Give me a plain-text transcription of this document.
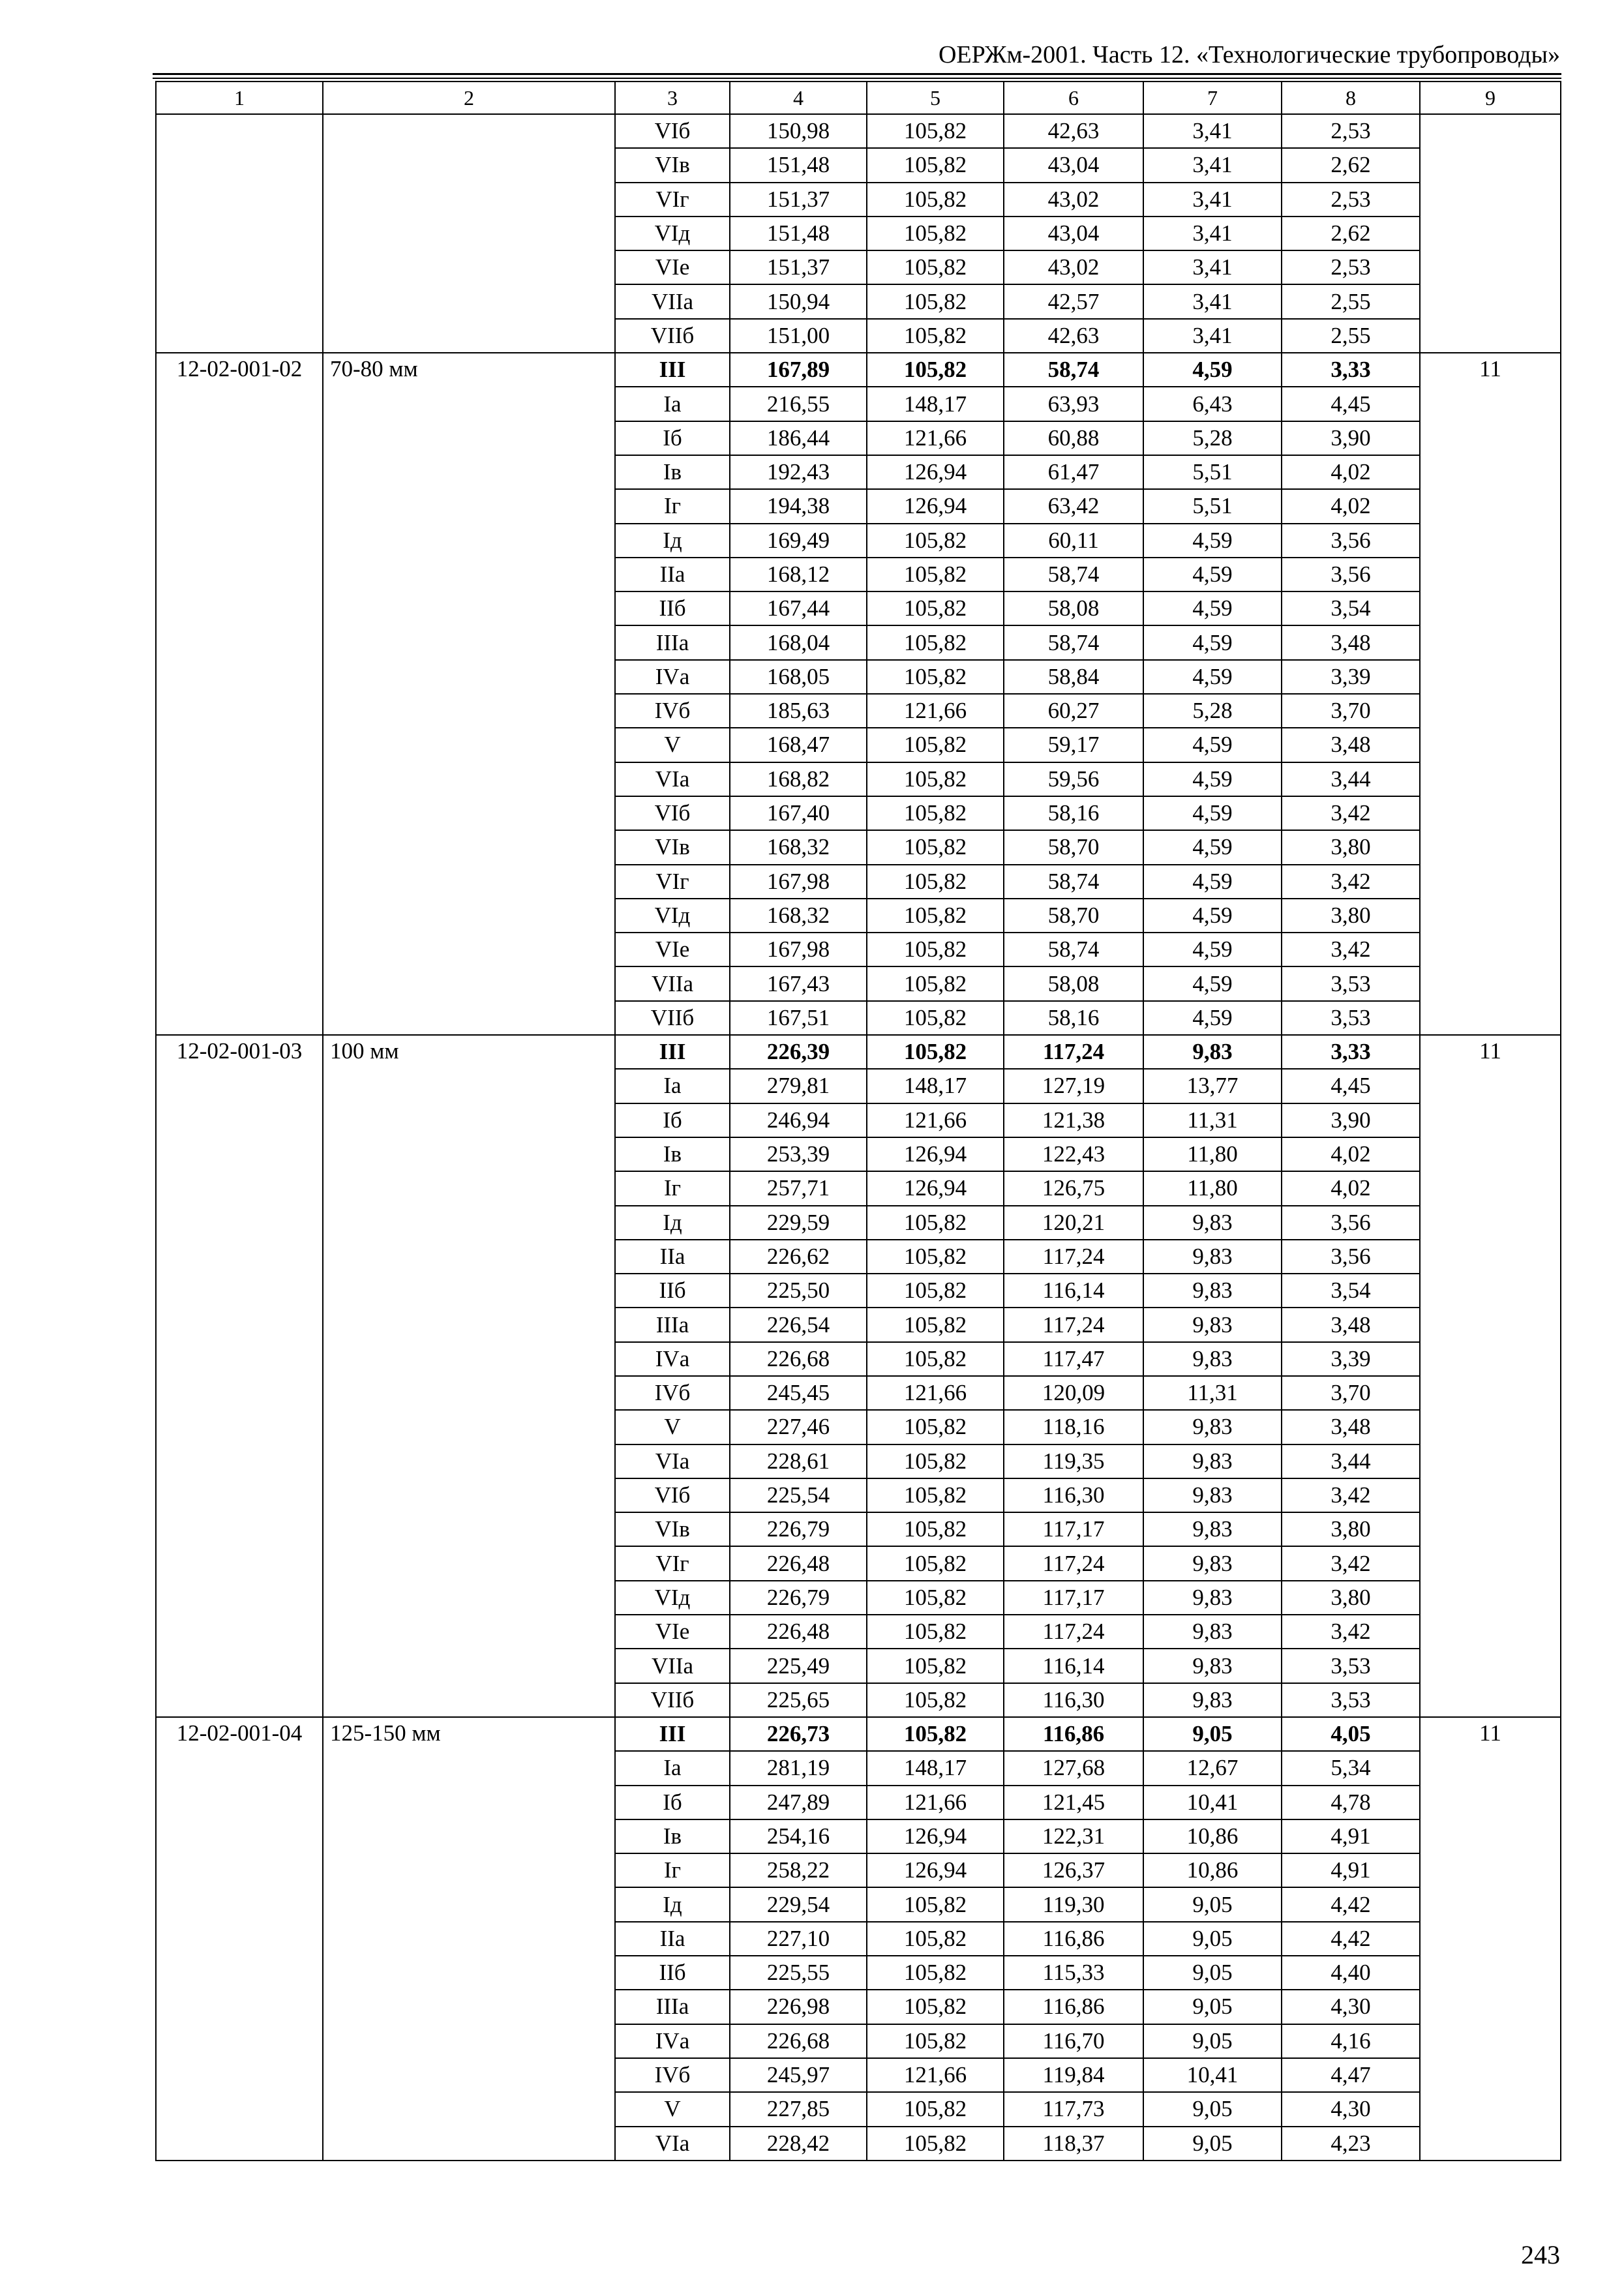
ОЕРЖм-2001. Часть 12. «Технологические трубопроводы»
1	2	3	4	5	6	7	8	9
		VIб	150,98	105,82	42,63	3,41	2,53	
		VIв	151,48	105,82	43,04	3,41	2,62	
		VIг	151,37	105,82	43,02	3,41	2,53	
		VIд	151,48	105,82	43,04	3,41	2,62	
		VIе	151,37	105,82	43,02	3,41	2,53	
		VIIа	150,94	105,82	42,57	3,41	2,55	
		VIIб	151,00	105,82	42,63	3,41	2,55	
12-02-001-02	70-80 мм	III	167,89	105,82	58,74	4,59	3,33	11
		Iа	216,55	148,17	63,93	6,43	4,45	
		Iб	186,44	121,66	60,88	5,28	3,90	
		Iв	192,43	126,94	61,47	5,51	4,02	
		Iг	194,38	126,94	63,42	5,51	4,02	
		Iд	169,49	105,82	60,11	4,59	3,56	
		IIа	168,12	105,82	58,74	4,59	3,56	
		IIб	167,44	105,82	58,08	4,59	3,54	
		IIIа	168,04	105,82	58,74	4,59	3,48	
		IVа	168,05	105,82	58,84	4,59	3,39	
		IVб	185,63	121,66	60,27	5,28	3,70	
		V	168,47	105,82	59,17	4,59	3,48	
		VIа	168,82	105,82	59,56	4,59	3,44	
		VIб	167,40	105,82	58,16	4,59	3,42	
		VIв	168,32	105,82	58,70	4,59	3,80	
		VIг	167,98	105,82	58,74	4,59	3,42	
		VIд	168,32	105,82	58,70	4,59	3,80	
		VIе	167,98	105,82	58,74	4,59	3,42	
		VIIа	167,43	105,82	58,08	4,59	3,53	
		VIIб	167,51	105,82	58,16	4,59	3,53	
12-02-001-03	100 мм	III	226,39	105,82	117,24	9,83	3,33	11
		Iа	279,81	148,17	127,19	13,77	4,45	
		Iб	246,94	121,66	121,38	11,31	3,90	
		Iв	253,39	126,94	122,43	11,80	4,02	
		Iг	257,71	126,94	126,75	11,80	4,02	
		Iд	229,59	105,82	120,21	9,83	3,56	
		IIа	226,62	105,82	117,24	9,83	3,56	
		IIб	225,50	105,82	116,14	9,83	3,54	
		IIIа	226,54	105,82	117,24	9,83	3,48	
		IVа	226,68	105,82	117,47	9,83	3,39	
		IVб	245,45	121,66	120,09	11,31	3,70	
		V	227,46	105,82	118,16	9,83	3,48	
		VIа	228,61	105,82	119,35	9,83	3,44	
		VIб	225,54	105,82	116,30	9,83	3,42	
		VIв	226,79	105,82	117,17	9,83	3,80	
		VIг	226,48	105,82	117,24	9,83	3,42	
		VIд	226,79	105,82	117,17	9,83	3,80	
		VIе	226,48	105,82	117,24	9,83	3,42	
		VIIа	225,49	105,82	116,14	9,83	3,53	
		VIIб	225,65	105,82	116,30	9,83	3,53	
12-02-001-04	125-150 мм	III	226,73	105,82	116,86	9,05	4,05	11
		Iа	281,19	148,17	127,68	12,67	5,34	
		Iб	247,89	121,66	121,45	10,41	4,78	
		Iв	254,16	126,94	122,31	10,86	4,91	
		Iг	258,22	126,94	126,37	10,86	4,91	
		Iд	229,54	105,82	119,30	9,05	4,42	
		IIа	227,10	105,82	116,86	9,05	4,42	
		IIб	225,55	105,82	115,33	9,05	4,40	
		IIIа	226,98	105,82	116,86	9,05	4,30	
		IVа	226,68	105,82	116,70	9,05	4,16	
		IVб	245,97	121,66	119,84	10,41	4,47	
		V	227,85	105,82	117,73	9,05	4,30	
		VIа	228,42	105,82	118,37	9,05	4,23	
243
